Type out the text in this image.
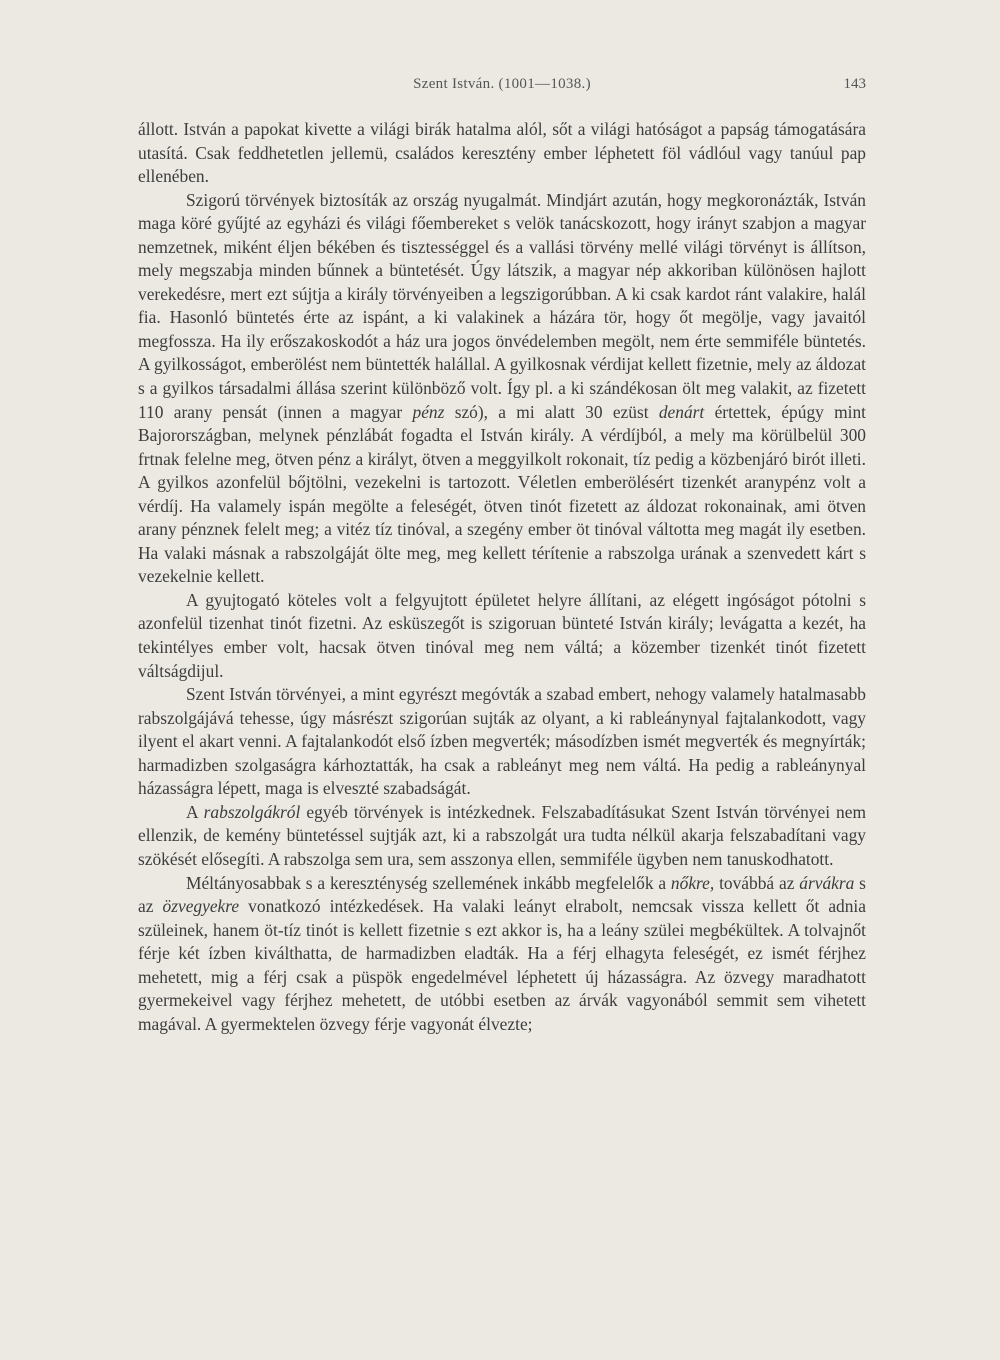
Szent István. (1001—1038.)	143

állott. István a papokat kivette a világi birák hatalma alól, sőt a világi hatóságot a papság támogatására utasítá. Csak feddhetetlen jellemü, családos keresztény ember léphetett föl vádlóul vagy tanúul pap ellenében.

Szigorú törvények biztosíták az ország nyugalmát. Mindjárt azután, hogy megkoronázták, István maga köré gyűjté az egyházi és világi főembereket s velök tanácskozott, hogy irányt szabjon a magyar nemzetnek, miként éljen békében és tisztességgel és a vallási törvény mellé világi törvényt is állítson, mely megszabja minden bűnnek a büntetését. Úgy látszik, a magyar nép akkoriban különösen hajlott verekedésre, mert ezt sújtja a király törvényeiben a legszigorúbban. A ki csak kardot ránt valakire, halál fia. Hasonló büntetés érte az ispánt, a ki valakinek a házára tör, hogy őt megölje, vagy javaitól megfossza. Ha ily erőszakoskodót a ház ura jogos önvédelemben megölt, nem érte semmiféle büntetés. A gyilkosságot, emberölést nem büntették halállal. A gyilkosnak vérdijat kellett fizetnie, mely az áldozat s a gyilkos társadalmi állása szerint különböző volt. Így pl. a ki szándékosan ölt meg valakit, az fizetett 110 arany pensát (innen a magyar pénz szó), a mi alatt 30 ezüst denárt értettek, épúgy mint Bajorországban, melynek pénzlábát fogadta el István király. A vérdíjból, a mely ma körülbelül 300 frtnak felelne meg, ötven pénz a királyt, ötven a meggyilkolt rokonait, tíz pedig a közbenjáró birót illeti. A gyilkos azonfelül bőjtölni, vezekelni is tartozott. Véletlen emberölésért tizenkét aranypénz volt a vérdíj. Ha valamely ispán megölte a feleségét, ötven tinót fizetett az áldozat rokonainak, ami ötven arany pénznek felelt meg; a vitéz tíz tinóval, a szegény ember öt tinóval váltotta meg magát ily esetben. Ha valaki másnak a rabszolgáját ölte meg, meg kellett térítenie a rabszolga urának a szenvedett kárt s vezekelnie kellett.

A gyujtogató köteles volt a felgyujtott épületet helyre állítani, az elégett ingóságot pótolni s azonfelül tizenhat tinót fizetni. Az esküszegőt is szigoruan bünteté István király; levágatta a kezét, ha tekintélyes ember volt, hacsak ötven tinóval meg nem váltá; a közember tizenkét tinót fizetett váltságdijul.

Szent István törvényei, a mint egyrészt megóvták a szabad embert, nehogy valamely hatalmasabb rabszolgájává tehesse, úgy másrészt szigorúan sujták az olyant, a ki rableánynyal fajtalankodott, vagy ilyent el akart venni. A fajtalankodót első ízben megverték; másodízben ismét megverték és megnyírták; harmadizben szolgaságra kárhoztatták, ha csak a rableányt meg nem váltá. Ha pedig a rableánynyal házasságra lépett, maga is elveszté szabadságát.

A rabszolgákról egyéb törvények is intézkednek. Felszabadításukat Szent István törvényei nem ellenzik, de kemény büntetéssel sujtják azt, ki a rabszolgát ura tudta nélkül akarja felszabadítani vagy szökését elősegíti. A rabszolga sem ura, sem asszonya ellen, semmiféle ügyben nem tanuskodhatott.

Méltányosabbak s a kereszténység szellemének inkább megfelelők a nőkre, továbbá az árvákra s az özvegyekre vonatkozó intézkedések. Ha valaki leányt elrabolt, nemcsak vissza kellett őt adnia szüleinek, hanem öt-tíz tinót is kellett fizetnie s ezt akkor is, ha a leány szülei megbékültek. A tolvajnőt férje két ízben kiválthatta, de harmadizben eladták. Ha a férj elhagyta feleségét, ez ismét férjhez mehetett, mig a férj csak a püspök engedelmével léphetett új házasságra. Az özvegy maradhatott gyermekeivel vagy férjhez mehetett, de utóbbi esetben az árvák vagyonából semmit sem vihetett magával. A gyermektelen özvegy férje vagyonát élvezte;
